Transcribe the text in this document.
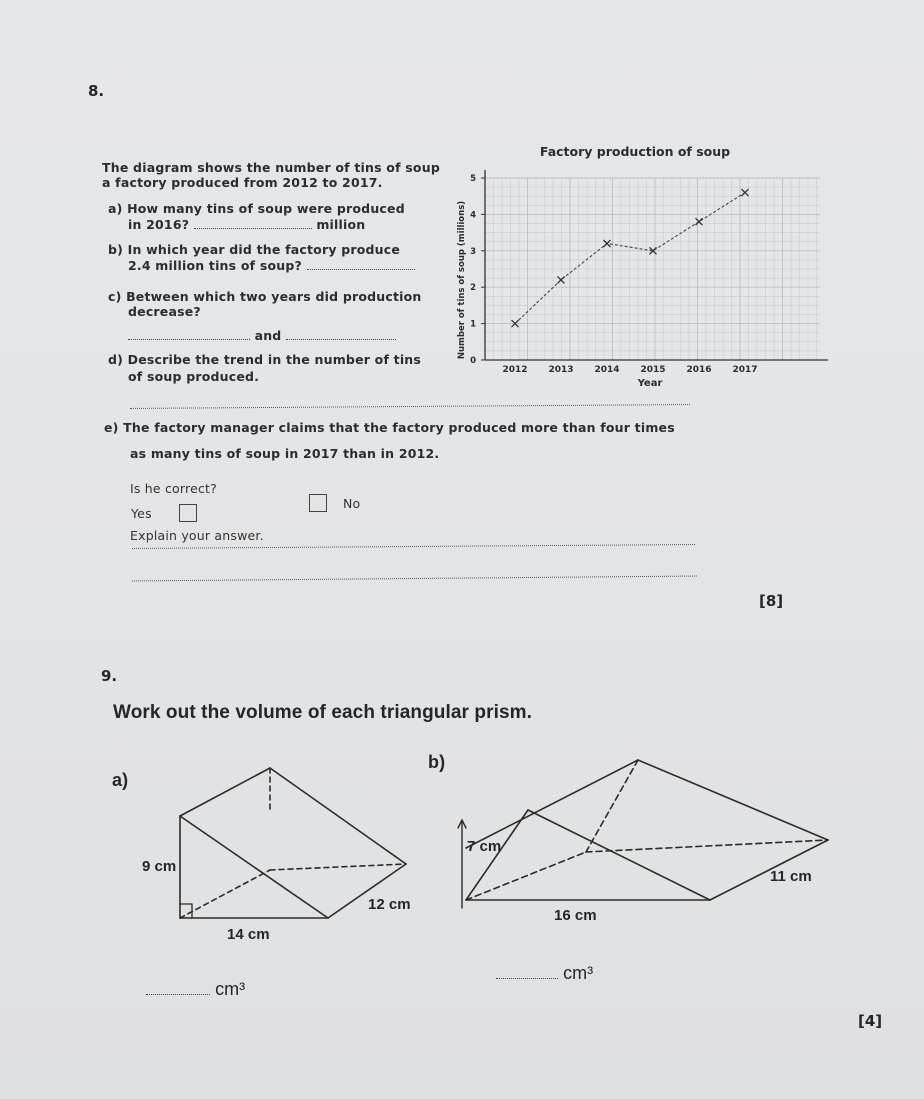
8.
The diagram shows the number of tins of soup
a factory produced from 2012 to 2017.
a) How many tins of soup were produced
in 2016?	million
b) In which year did the factory produce
2.4 million tins of soup?
c) Between which two years did production
decrease?
and
d) Describe the trend in the number of tins
of soup produced.
Factory production of soup
0
1
2
3
4
5
2012 2013 2014 2015 2016 2017
Year
Number of tins of soup (millions)
e) The factory manager claims that the factory produced more than four times
as many tins of soup in 2017 than in 2012.
Is he correct?
Yes
No
Explain your answer.
[8]
9.
Work out the volume of each triangular prism.
a)
b)
9 cm
12 cm
14 cm
7 cm
11 cm
16 cm
cm³
cm³
[4]
